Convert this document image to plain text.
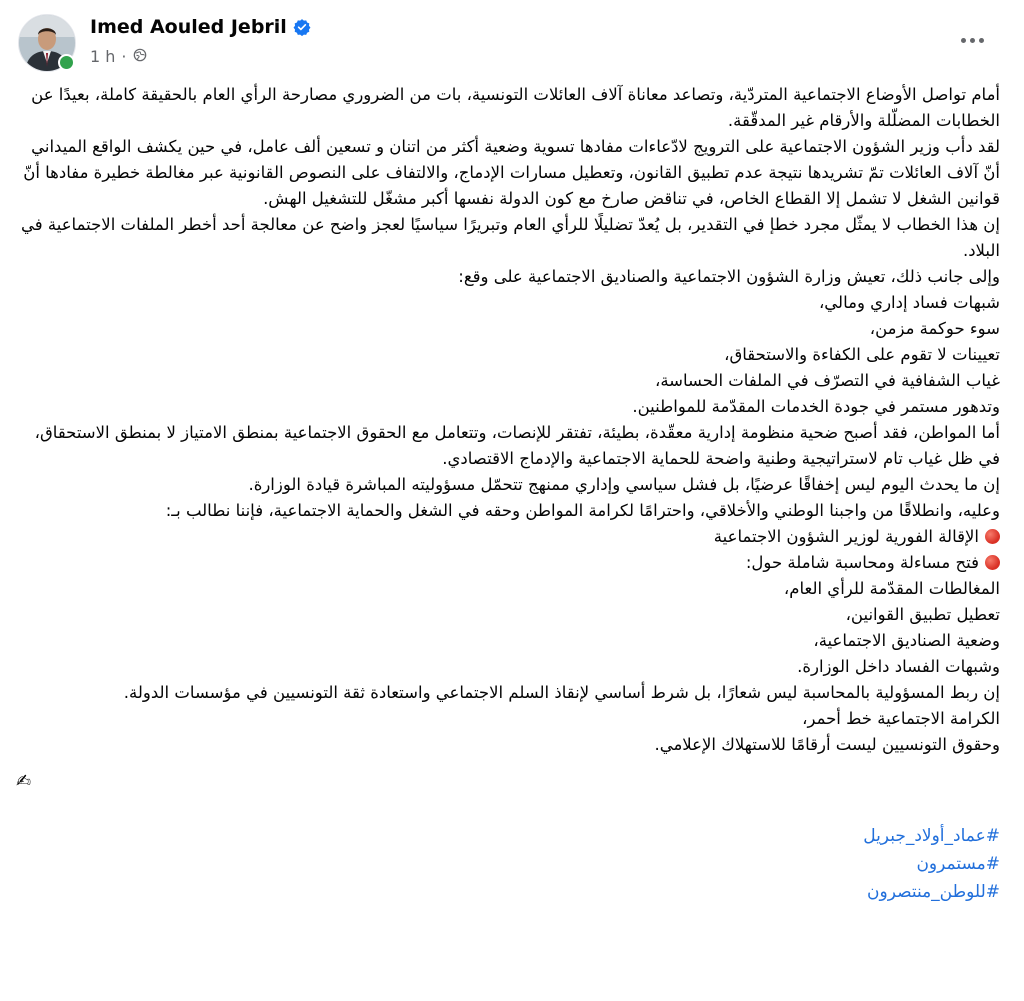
Imed Aouled Jebril
1 h ·

أمام تواصل الأوضاع الاجتماعية المتردّية، وتصاعد معاناة آلاف العائلات التونسية، بات من الضروري مصارحة الرأي العام بالحقيقة كاملة، بعيدًا عن الخطابات المضلّلة والأرقام غير المدقّقة.

لقد دأب وزير الشؤون الاجتماعية على الترويج لادّعاءات مفادها تسوية وضعية أكثر من اتنان و تسعين ألف عامل، في حين يكشف الواقع الميداني أنّ آلاف العائلات تمّ تشريدها نتيجة عدم تطبيق القانون، وتعطيل مسارات الإدماج، والالتفاف على النصوص القانونية عبر مغالطة خطيرة مفادها أنّ قوانين الشغل لا تشمل إلا القطاع الخاص، في تناقض صارخ مع كون الدولة نفسها أكبر مشغّل للتشغيل الهش.

إن هذا الخطاب لا يمثّل مجرد خطإ في التقدير، بل يُعدّ تضليلًا للرأي العام وتبريرًا سياسيًا لعجز واضح عن معالجة أحد أخطر الملفات الاجتماعية في البلاد.

وإلى جانب ذلك، تعيش وزارة الشؤون الاجتماعية والصناديق الاجتماعية على وقع:

شبهات فساد إداري ومالي،

سوء حوكمة مزمن،

تعيينات لا تقوم على الكفاءة والاستحقاق،

غياب الشفافية في التصرّف في الملفات الحساسة،

وتدهور مستمر في جودة الخدمات المقدّمة للمواطنين.

أما المواطن، فقد أصبح ضحية منظومة إدارية معقّدة، بطيئة، تفتقر للإنصات، وتتعامل مع الحقوق الاجتماعية بمنطق الامتياز لا بمنطق الاستحقاق، في ظل غياب تام لاستراتيجية وطنية واضحة للحماية الاجتماعية والإدماج الاقتصادي.

إن ما يحدث اليوم ليس إخفاقًا عرضيًا، بل فشل سياسي وإداري ممنهج تتحمّل مسؤوليته المباشرة قيادة الوزارة.

وعليه، وانطلاقًا من واجبنا الوطني والأخلاقي، واحترامًا لكرامة المواطن وحقه في الشغل والحماية الاجتماعية، فإننا نطالب بـ:

الإقالة الفورية لوزير الشؤون الاجتماعية

فتح مساءلة ومحاسبة شاملة حول:

المغالطات المقدّمة للرأي العام،

تعطيل تطبيق القوانين،

وضعية الصناديق الاجتماعية،

وشبهات الفساد داخل الوزارة.

إن ربط المسؤولية بالمحاسبة ليس شعارًا، بل شرط أساسي لإنقاذ السلم الاجتماعي واستعادة ثقة التونسيين في مؤسسات الدولة.

الكرامة الاجتماعية خط أحمر،

وحقوق التونسيين ليست أرقامًا للاستهلاك الإعلامي.

✍
#عماد_أولاد_جبريل
#مستمرون
#للوطن_منتصرون
